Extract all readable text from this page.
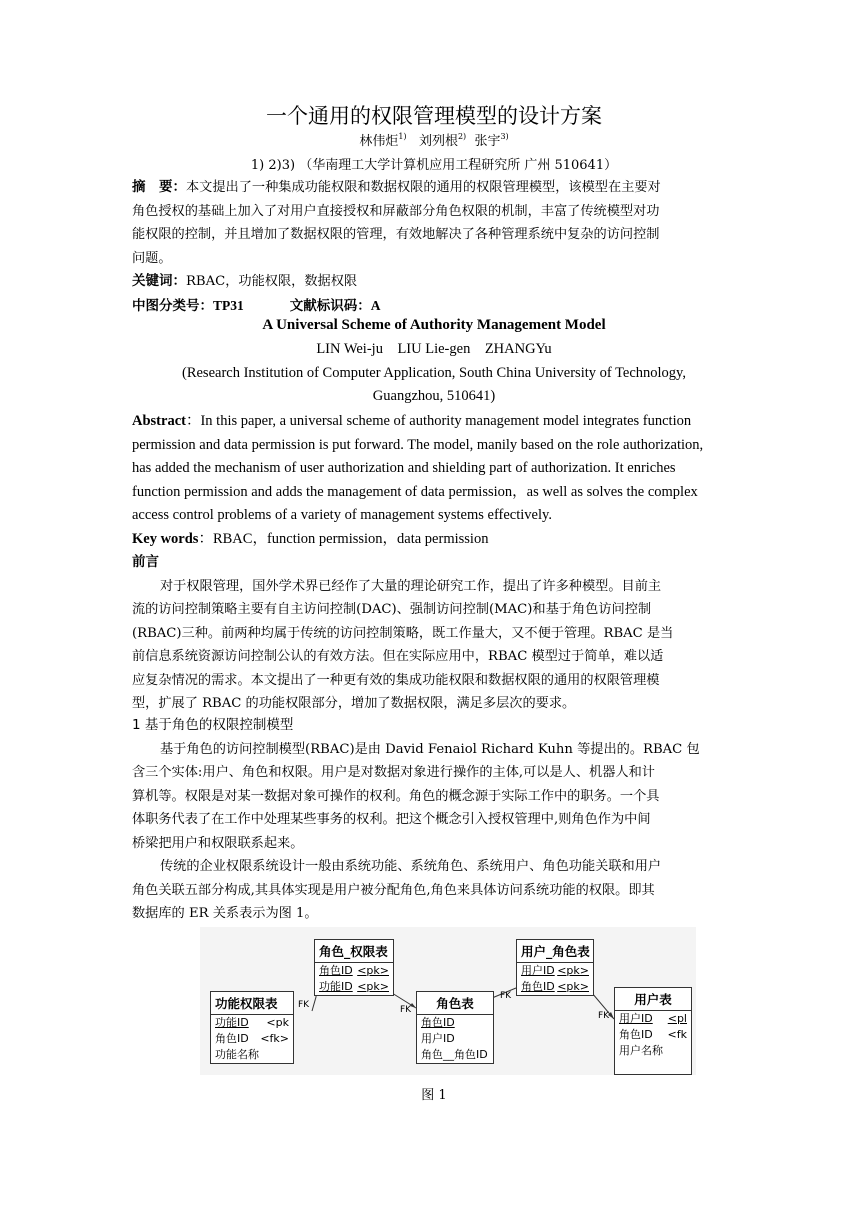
一个通用的权限管理模型的设计方案
林伟炬$^{1)}$ 刘列根$^{2)}$ 张宇$^{3)}$
1) 2)3) （华南理工大学计算机应用工程研究所 广州 510641）
摘　要：本文提出了一种集成功能权限和数据权限的通用的权限管理模型，该模型在主要对
角色授权的基础上加入了对用户直接授权和屏蔽部分角色权限的机制，丰富了传统模型对功
能权限的控制，并且增加了数据权限的管理，有效地解决了各种管理系统中复杂的访问控制
问题。
关键词：RBAC，功能权限，数据权限
中图分类号：TP31	文献标识码：A
A Universal Scheme of Authority Management Model
LIN Wei-ju    LIU Lie-gen    ZHANGYu
(Research Institution of Computer Application, South China University of Technology,
Guangzhou, 510641)
Abstract：In this paper, a universal scheme of authority management model integrates function
permission and data permission is put forward. The model, manily based on the role authorization,
has added the mechanism of user authorization and shielding part of authorization. It enriches
function permission and adds the management of data permission，as well as solves the complex
access control problems of a variety of management systems effectively.
Key words：RBAC，function permission，data permission
前言
对于权限管理，国外学术界已经作了大量的理论研究工作，提出了许多种模型。目前主
流的访问控制策略主要有自主访问控制(DAC)、强制访问控制(MAC)和基于角色访问控制
(RBAC)三种。前两种均属于传统的访问控制策略，既工作量大，又不便于管理。RBAC 是当
前信息系统资源访问控制公认的有效方法。但在实际应用中，RBAC 模型过于简单，难以适
应复杂情况的需求。本文提出了一种更有效的集成功能权限和数据权限的通用的权限管理模
型，扩展了 RBAC 的功能权限部分，增加了数据权限，满足多层次的要求。
1 基于角色的权限控制模型
基于角色的访问控制模型(RBAC)是由 David Fenaiol Richard Kuhn 等提出的。RBAC 包
含三个实体:用户、角色和权限。用户是对数据对象进行操作的主体,可以是人、机器人和计
算机等。权限是对某一数据对象可操作的权利。角色的概念源于实际工作中的职务。一个具
体职务代表了在工作中处理某些事务的权利。把这个概念引入授权管理中,则角色作为中间
桥梁把用户和权限联系起来。
传统的企业权限系统设计一般由系统功能、系统角色、系统用户、角色功能关联和用户
角色关联五部分构成,其具体实现是用户被分配角色,角色来具体访问系统功能的权限。即其
数据库的 ER 关系表示为图 1。
FK	FK
FK
FK
功能权限表
功能ID <pk
角色ID <fk>
功能名称
角色_权限表
角色ID <pk>
功能ID <pk>
角色表
角色ID
用户ID
角色__角色ID
用户_角色表
用户ID <pk>
角色ID <pk>
用户表
用户ID <pl
角色ID <fk
用户名称
图 1
